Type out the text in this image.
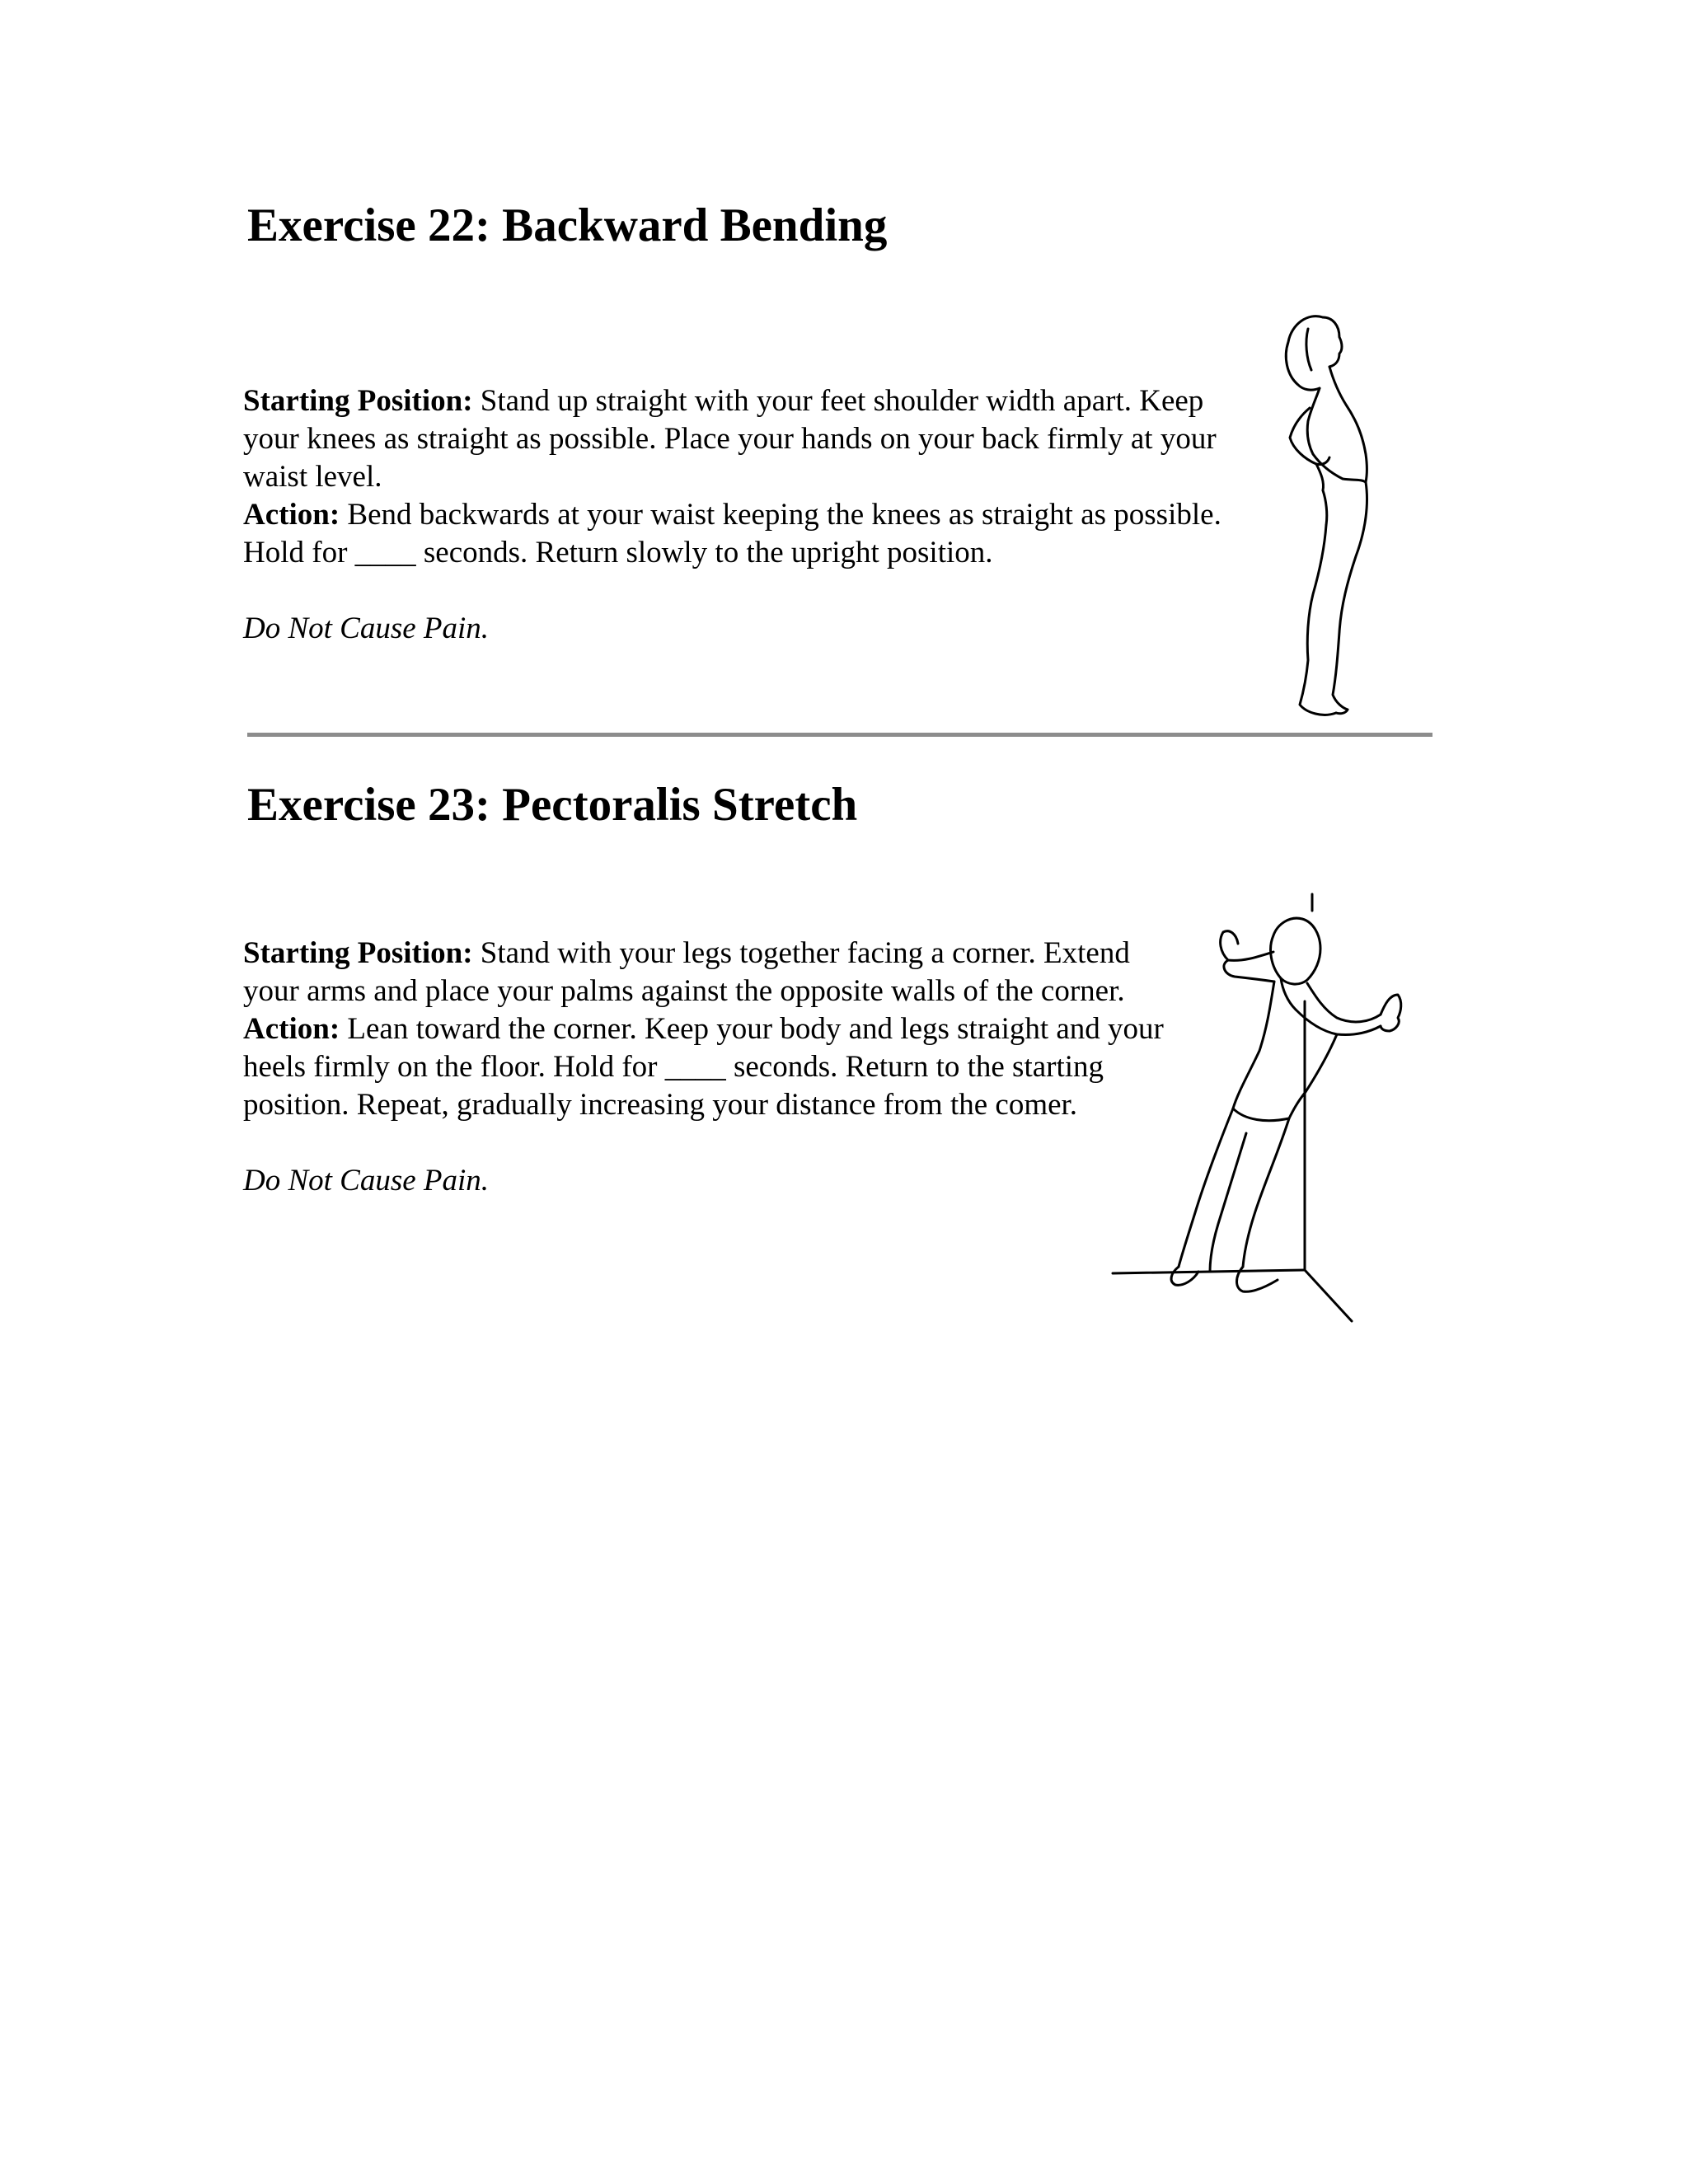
Exercise 22: Backward Bending

Starting Position: Stand up straight with your feet shoulder width apart. Keep your knees as straight as possible. Place your hands on your back firmly at your waist level.

Action: Bend backwards at your waist keeping the knees as straight as possible. Hold for ____ seconds. Return slowly to the upright position.

Do Not Cause Pain.

Exercise 23: Pectoralis Stretch

Starting Position: Stand with your legs together facing a corner. Extend your arms and place your palms against the opposite walls of the corner.

Action: Lean toward the corner. Keep your body and legs straight and your heels firmly on the floor. Hold for ____ seconds. Return to the starting position. Repeat, gradually increasing your distance from the comer.

Do Not Cause Pain.
